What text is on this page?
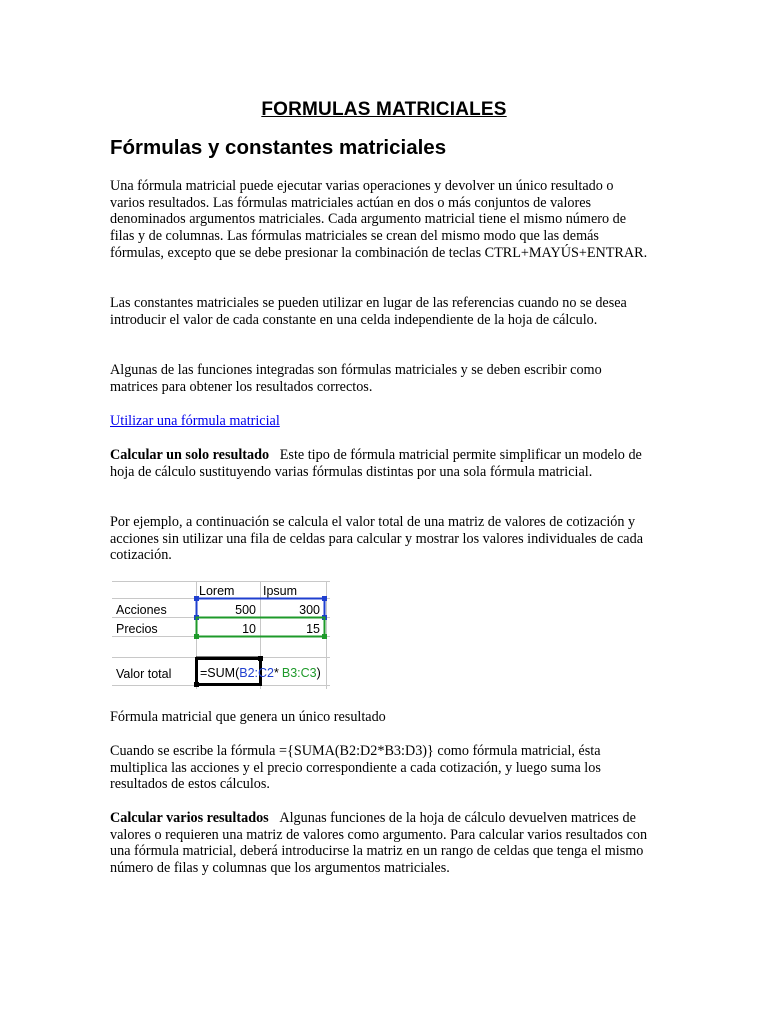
FORMULAS MATRICIALES
Fórmulas y constantes matriciales

Una fórmula matricial puede ejecutar varias operaciones y devolver un único resultado o varios resultados. Las fórmulas matriciales actúan en dos o más conjuntos de valores denominados argumentos matriciales. Cada argumento matricial tiene el mismo número de filas y de columnas. Las fórmulas matriciales se crean del mismo modo que las demás fórmulas, excepto que se debe presionar la combinación de teclas CTRL+MAYÚS+ENTRAR.

Las constantes matriciales se pueden utilizar en lugar de las referencias cuando no se desea introducir el valor de cada constante en una celda independiente de la hoja de cálculo.

Algunas de las funciones integradas son fórmulas matriciales y se deben escribir como matrices para obtener los resultados correctos.

Utilizar una fórmula matricial

Calcular un solo resultado Este tipo de fórmula matricial permite simplificar un modelo de hoja de cálculo sustituyendo varias fórmulas distintas por una sola fórmula matricial.

Por ejemplo, a continuación se calcula el valor total de una matriz de valores de cotización y acciones sin utilizar una fila de celdas para calcular y mostrar los valores individuales de cada cotización.

Lorem Ipsum
Acciones
Precios
Valor total
500	300
10	15
=SUM(B2:C2* B3:C3)

Fórmula matricial que genera un único resultado

Cuando se escribe la fórmula ={SUMA(B2:D2*B3:D3)} como fórmula matricial, ésta multiplica las acciones y el precio correspondiente a cada cotización, y luego suma los resultados de estos cálculos.

Calcular varios resultados Algunas funciones de la hoja de cálculo devuelven matrices de valores o requieren una matriz de valores como argumento. Para calcular varios resultados con una fórmula matricial, deberá introducirse la matriz en un rango de celdas que tenga el mismo número de filas y columnas que los argumentos matriciales.
